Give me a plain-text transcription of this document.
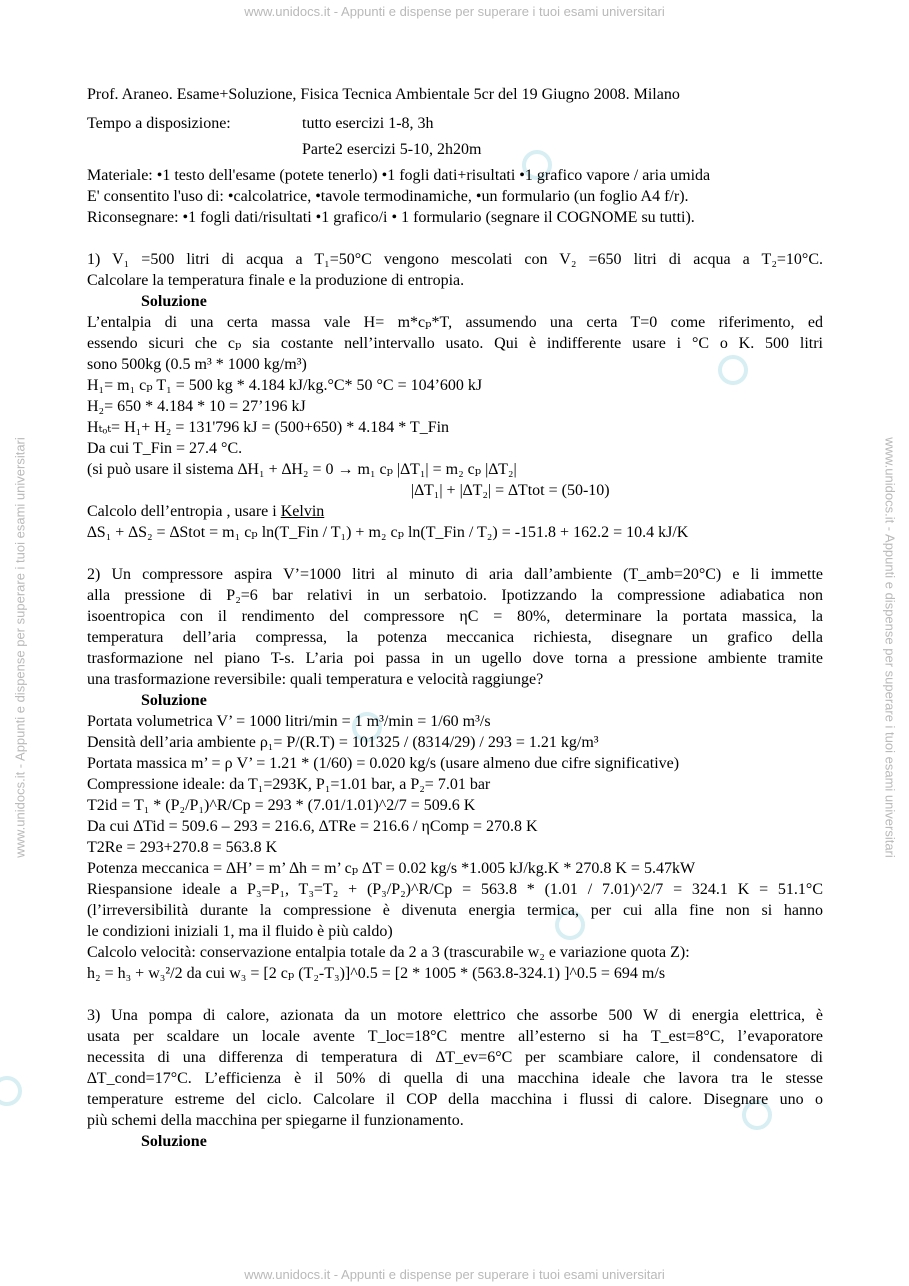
www.unidocs.it - Appunti e dispense per superare i tuoi esami universitari
www.unidocs.it - Appunti e dispense per superare i tuoi esami universitari
www.unidocs.it - Appunti e dispense per superare i tuoi esami universitari	www.unidocs.it - Appunti e dispense per superare i tuoi esami universitari

Prof. Araneo. Esame+Soluzione, Fisica Tecnica Ambientale 5cr del 19 Giugno 2008. Milano

Tempo a disposizione:	tutto esercizi 1-8, 3h
Parte2 esercizi 5-10, 2h20m

Materiale: •1 testo dell'esame (potete tenerlo) •1 fogli dati+risultati •1 grafico vapore / aria umida

E' consentito l'uso di: •calcolatrice, •tavole termodinamiche, •un formulario (un foglio A4 f/r).

Riconsegnare: •1 fogli dati/risultati •1 grafico/i • 1 formulario (segnare il COGNOME su tutti).

1) V₁ =500 litri di acqua a T₁=50°C vengono mescolati con V₂ =650 litri di acqua a T₂=10°C.

Calcolare la temperatura finale e la produzione di entropia.

Soluzione

L’entalpia di una certa massa vale H= m*cₚ*T, assumendo una certa T=0 come riferimento, ed

essendo sicuri che cₚ sia costante nell’intervallo usato. Qui è indifferente usare i °C o K. 500 litri

sono 500kg (0.5 m³ * 1000 kg/m³)

H₁= m₁ cₚ T₁ = 500 kg * 4.184 kJ/kg.°C* 50 °C = 104’600 kJ

H₂= 650 * 4.184 * 10 = 27’196 kJ

Hₜₒₜ= H₁+ H₂ = 131'796 kJ = (500+650) * 4.184 * T_Fin

Da cui T_Fin = 27.4 °C.

(si può usare il sistema ∆H₁ + ∆H₂ = 0 → m₁ cₚ |∆T₁| = m₂ cₚ |∆T₂|

|∆T₁| + |∆T₂| = ∆Ttot = (50-10)

Calcolo dell’entropia , usare i Kelvin

∆S₁ + ∆S₂ = ∆Stot = m₁ cₚ ln(T_Fin / T₁) + m₂ cₚ ln(T_Fin / T₂) = -151.8 + 162.2 = 10.4 kJ/K

2) Un compressore aspira V’=1000 litri al minuto di aria dall’ambiente (T_amb=20°C) e li immette

alla pressione di P₂=6 bar relativi in un serbatoio. Ipotizzando la compressione adiabatica non

isoentropica con il rendimento del compressore ηC = 80%, determinare la portata massica, la

temperatura dell’aria compressa, la potenza meccanica richiesta, disegnare un grafico della

trasformazione nel piano T-s. L’aria poi passa in un ugello dove torna a pressione ambiente tramite

una trasformazione reversibile: quali temperatura e velocità raggiunge?

Soluzione

Portata volumetrica V’ = 1000 litri/min = 1 m³/min = 1/60 m³/s

Densità dell’aria ambiente ρ₁= P/(R.T) = 101325 / (8314/29) / 293 = 1.21 kg/m³

Portata massica m’ = ρ V’ = 1.21 * (1/60) = 0.020 kg/s (usare almeno due cifre significative)

Compressione ideale: da T₁=293K, P₁=1.01 bar, a P₂= 7.01 bar

T2id = T₁ * (P₂/P₁)^R/Cp = 293 * (7.01/1.01)^2/7 = 509.6 K

Da cui ∆Tid = 509.6 – 293 = 216.6, ∆TRe = 216.6 / ηComp = 270.8 K

T2Re = 293+270.8 = 563.8 K

Potenza meccanica = ∆H’ = m’ ∆h = m’ cₚ ∆T = 0.02 kg/s *1.005 kJ/kg.K * 270.8 K = 5.47kW

Riespansione ideale a P₃=P₁, T₃=T₂ + (P₃/P₂)^R/Cp = 563.8 * (1.01 / 7.01)^2/7 = 324.1 K = 51.1°C

(l’irreversibilità durante la compressione è divenuta energia termica, per cui alla fine non si hanno

le condizioni iniziali 1, ma il fluido è più caldo)

Calcolo velocità: conservazione entalpia totale da 2 a 3 (trascurabile w₂ e variazione quota Z):

h₂ = h₃ + w₃²/2 da cui w₃ = [2 cₚ (T₂-T₃)]^0.5 = [2 * 1005 * (563.8-324.1) ]^0.5 = 694 m/s

3) Una pompa di calore, azionata da un motore elettrico che assorbe 500 W di energia elettrica, è

usata per scaldare un locale avente T_loc=18°C mentre all’esterno si ha T_est=8°C, l’evaporatore

necessita di una differenza di temperatura di ∆T_ev=6°C per scambiare calore, il condensatore di

∆T_cond=17°C. L’efficienza è il 50% di quella di una macchina ideale che lavora tra le stesse

temperature estreme del ciclo. Calcolare il COP della macchina i flussi di calore. Disegnare uno o

più schemi della macchina per spiegarne il funzionamento.

Soluzione
